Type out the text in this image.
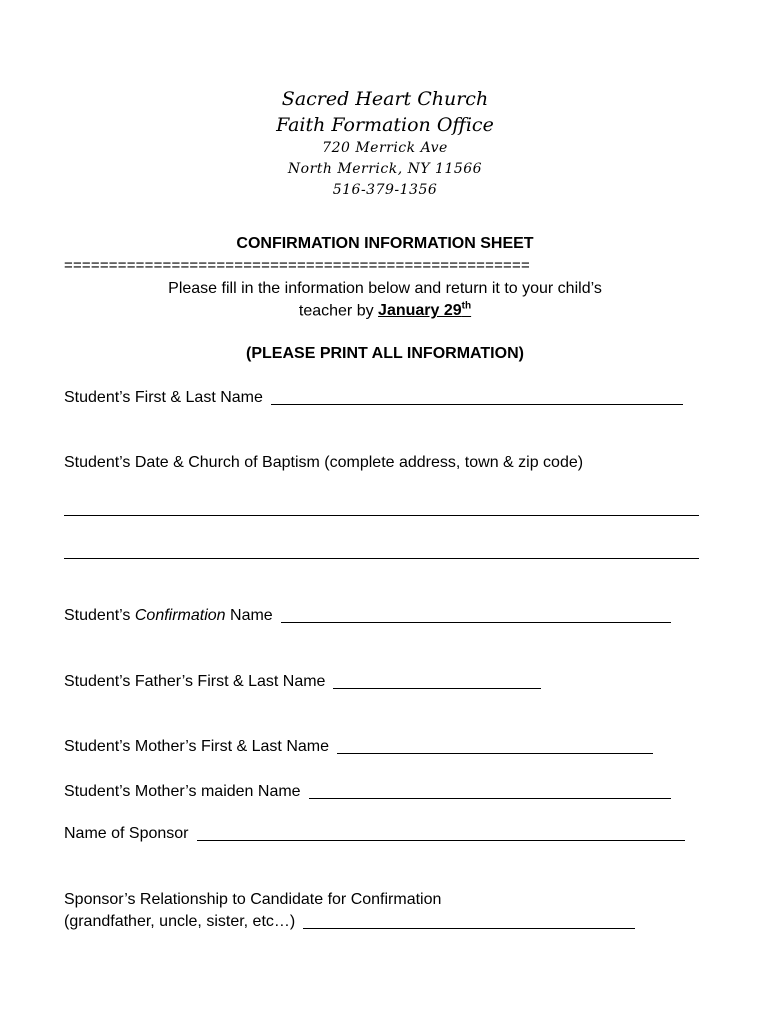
Sacred Heart Church
Faith Formation Office
720 Merrick Ave
North Merrick, NY 11566
516-379-1356
CONFIRMATION INFORMATION SHEET
====================================================
Please fill in the information below and return it to your child’s
teacher by January 29th
(PLEASE PRINT ALL INFORMATION)
Student’s First & Last Name
Student’s Date & Church of Baptism (complete address, town & zip code)
Student’s Confirmation Name
Student’s Father’s First & Last Name
Student’s Mother’s First & Last Name
Student’s Mother’s maiden Name
Name of Sponsor
Sponsor’s Relationship to Candidate for Confirmation
(grandfather, uncle, sister, etc…)
